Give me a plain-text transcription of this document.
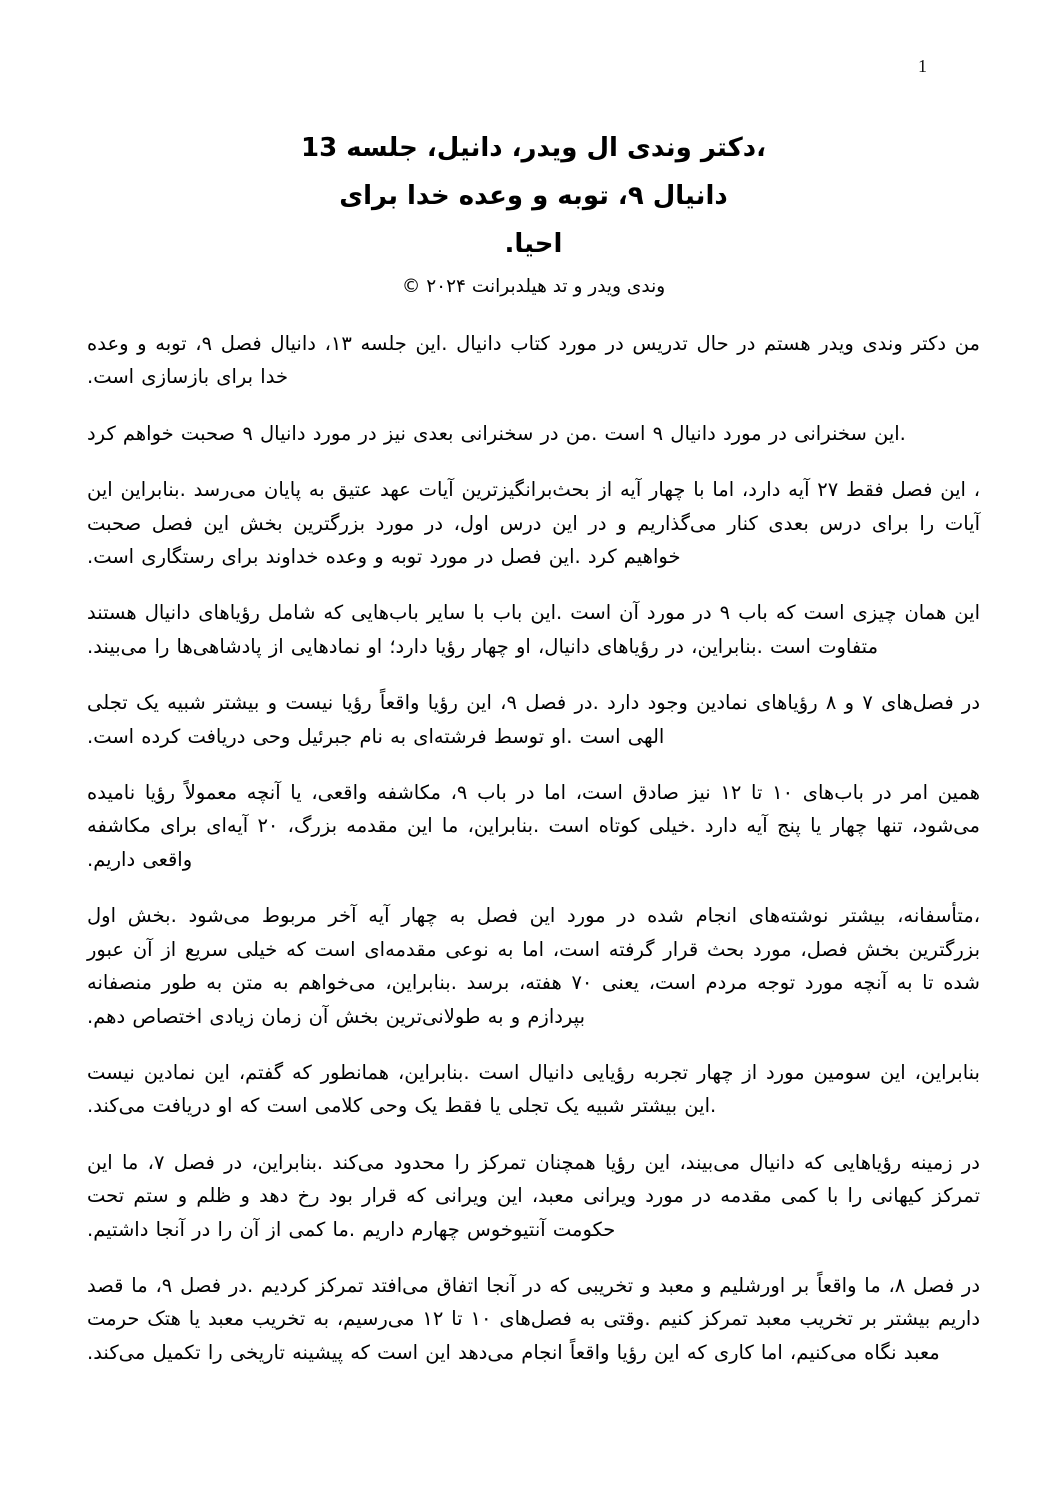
1
،دکتر وندی ال ویدر، دانیل، جلسه 13
دانیال ۹، توبه و وعده خدا برای
احیا.
وندی ویدر و تد هیلدبرانت ۲۰۲۴ ©

من دکتر وندی ویدر هستم در حال تدریس در مورد کتاب دانیال .این جلسه ۱۳، دانیال فصل ۹، توبه و وعده خدا برای بازسازی است.

.این سخنرانی در مورد دانیال ۹ است .من در سخنرانی بعدی نیز در مورد دانیال ۹ صحبت خواهم کرد

، این فصل فقط ۲۷ آیه دارد، اما با چهار آیه از بحث‌برانگیزترین آیات عهد عتیق به پایان می‌رسد .بنابراین این آیات را برای درس بعدی کنار می‌گذاریم و در این درس اول، در مورد بزرگترین بخش این فصل صحبت خواهیم کرد .این فصل در مورد توبه و وعده خداوند برای رستگاری است.

این همان چیزی است که باب ۹ در مورد آن است .این باب با سایر باب‌هایی که شامل رؤیاهای دانیال هستند متفاوت است .بنابراین، در رؤیاهای دانیال، او چهار رؤیا دارد؛ او نمادهایی از پادشاهی‌ها را می‌بیند.

در فصل‌های ۷ و ۸ رؤیاهای نمادین وجود دارد .در فصل ۹، این رؤیا واقعاً رؤیا نیست و بیشتر شبیه یک تجلی الهی است .او توسط فرشته‌ای به نام جبرئیل وحی دریافت کرده است.

همین امر در باب‌های ۱۰ تا ۱۲ نیز صادق است، اما در باب ۹، مکاشفه واقعی، یا آنچه معمولاً رؤیا نامیده می‌شود، تنها چهار یا پنج آیه دارد .خیلی کوتاه است .بنابراین، ما این مقدمه بزرگ، ۲۰ آیه‌ای برای مکاشفه واقعی داریم.

،متأسفانه، بیشتر نوشته‌های انجام شده در مورد این فصل به چهار آیه آخر مربوط می‌شود .بخش اول بزرگترین بخش فصل، مورد بحث قرار گرفته است، اما به نوعی مقدمه‌ای است که خیلی سریع از آن عبور شده تا به آنچه مورد توجه مردم است، یعنی ۷۰ هفته، برسد .بنابراین، می‌خواهم به متن به طور منصفانه بپردازم و به طولانی‌ترین بخش آن زمان زیادی اختصاص دهم.

بنابراین، این سومین مورد از چهار تجربه رؤیایی دانیال است .بنابراین، همانطور که گفتم، این نمادین نیست .این بیشتر شبیه یک تجلی یا فقط یک وحی کلامی است که او دریافت می‌کند.

در زمینه رؤیاهایی که دانیال می‌بیند، این رؤیا همچنان تمرکز را محدود می‌کند .بنابراین، در فصل ۷، ما این تمرکز کیهانی را با کمی مقدمه در مورد ویرانی معبد، این ویرانی که قرار بود رخ دهد و ظلم و ستم تحت حکومت آنتیوخوس چهارم داریم .ما کمی از آن را در آنجا داشتیم.

در فصل ۸، ما واقعاً بر اورشلیم و معبد و تخریبی که در آنجا اتفاق می‌افتد تمرکز کردیم .در فصل ۹، ما قصد داریم بیشتر بر تخریب معبد تمرکز کنیم .وقتی به فصل‌های ۱۰ تا ۱۲ می‌رسیم، به تخریب معبد یا هتک حرمت معبد نگاه می‌کنیم، اما کاری که این رؤیا واقعاً انجام می‌دهد این است که پیشینه تاریخی را تکمیل می‌کند.
